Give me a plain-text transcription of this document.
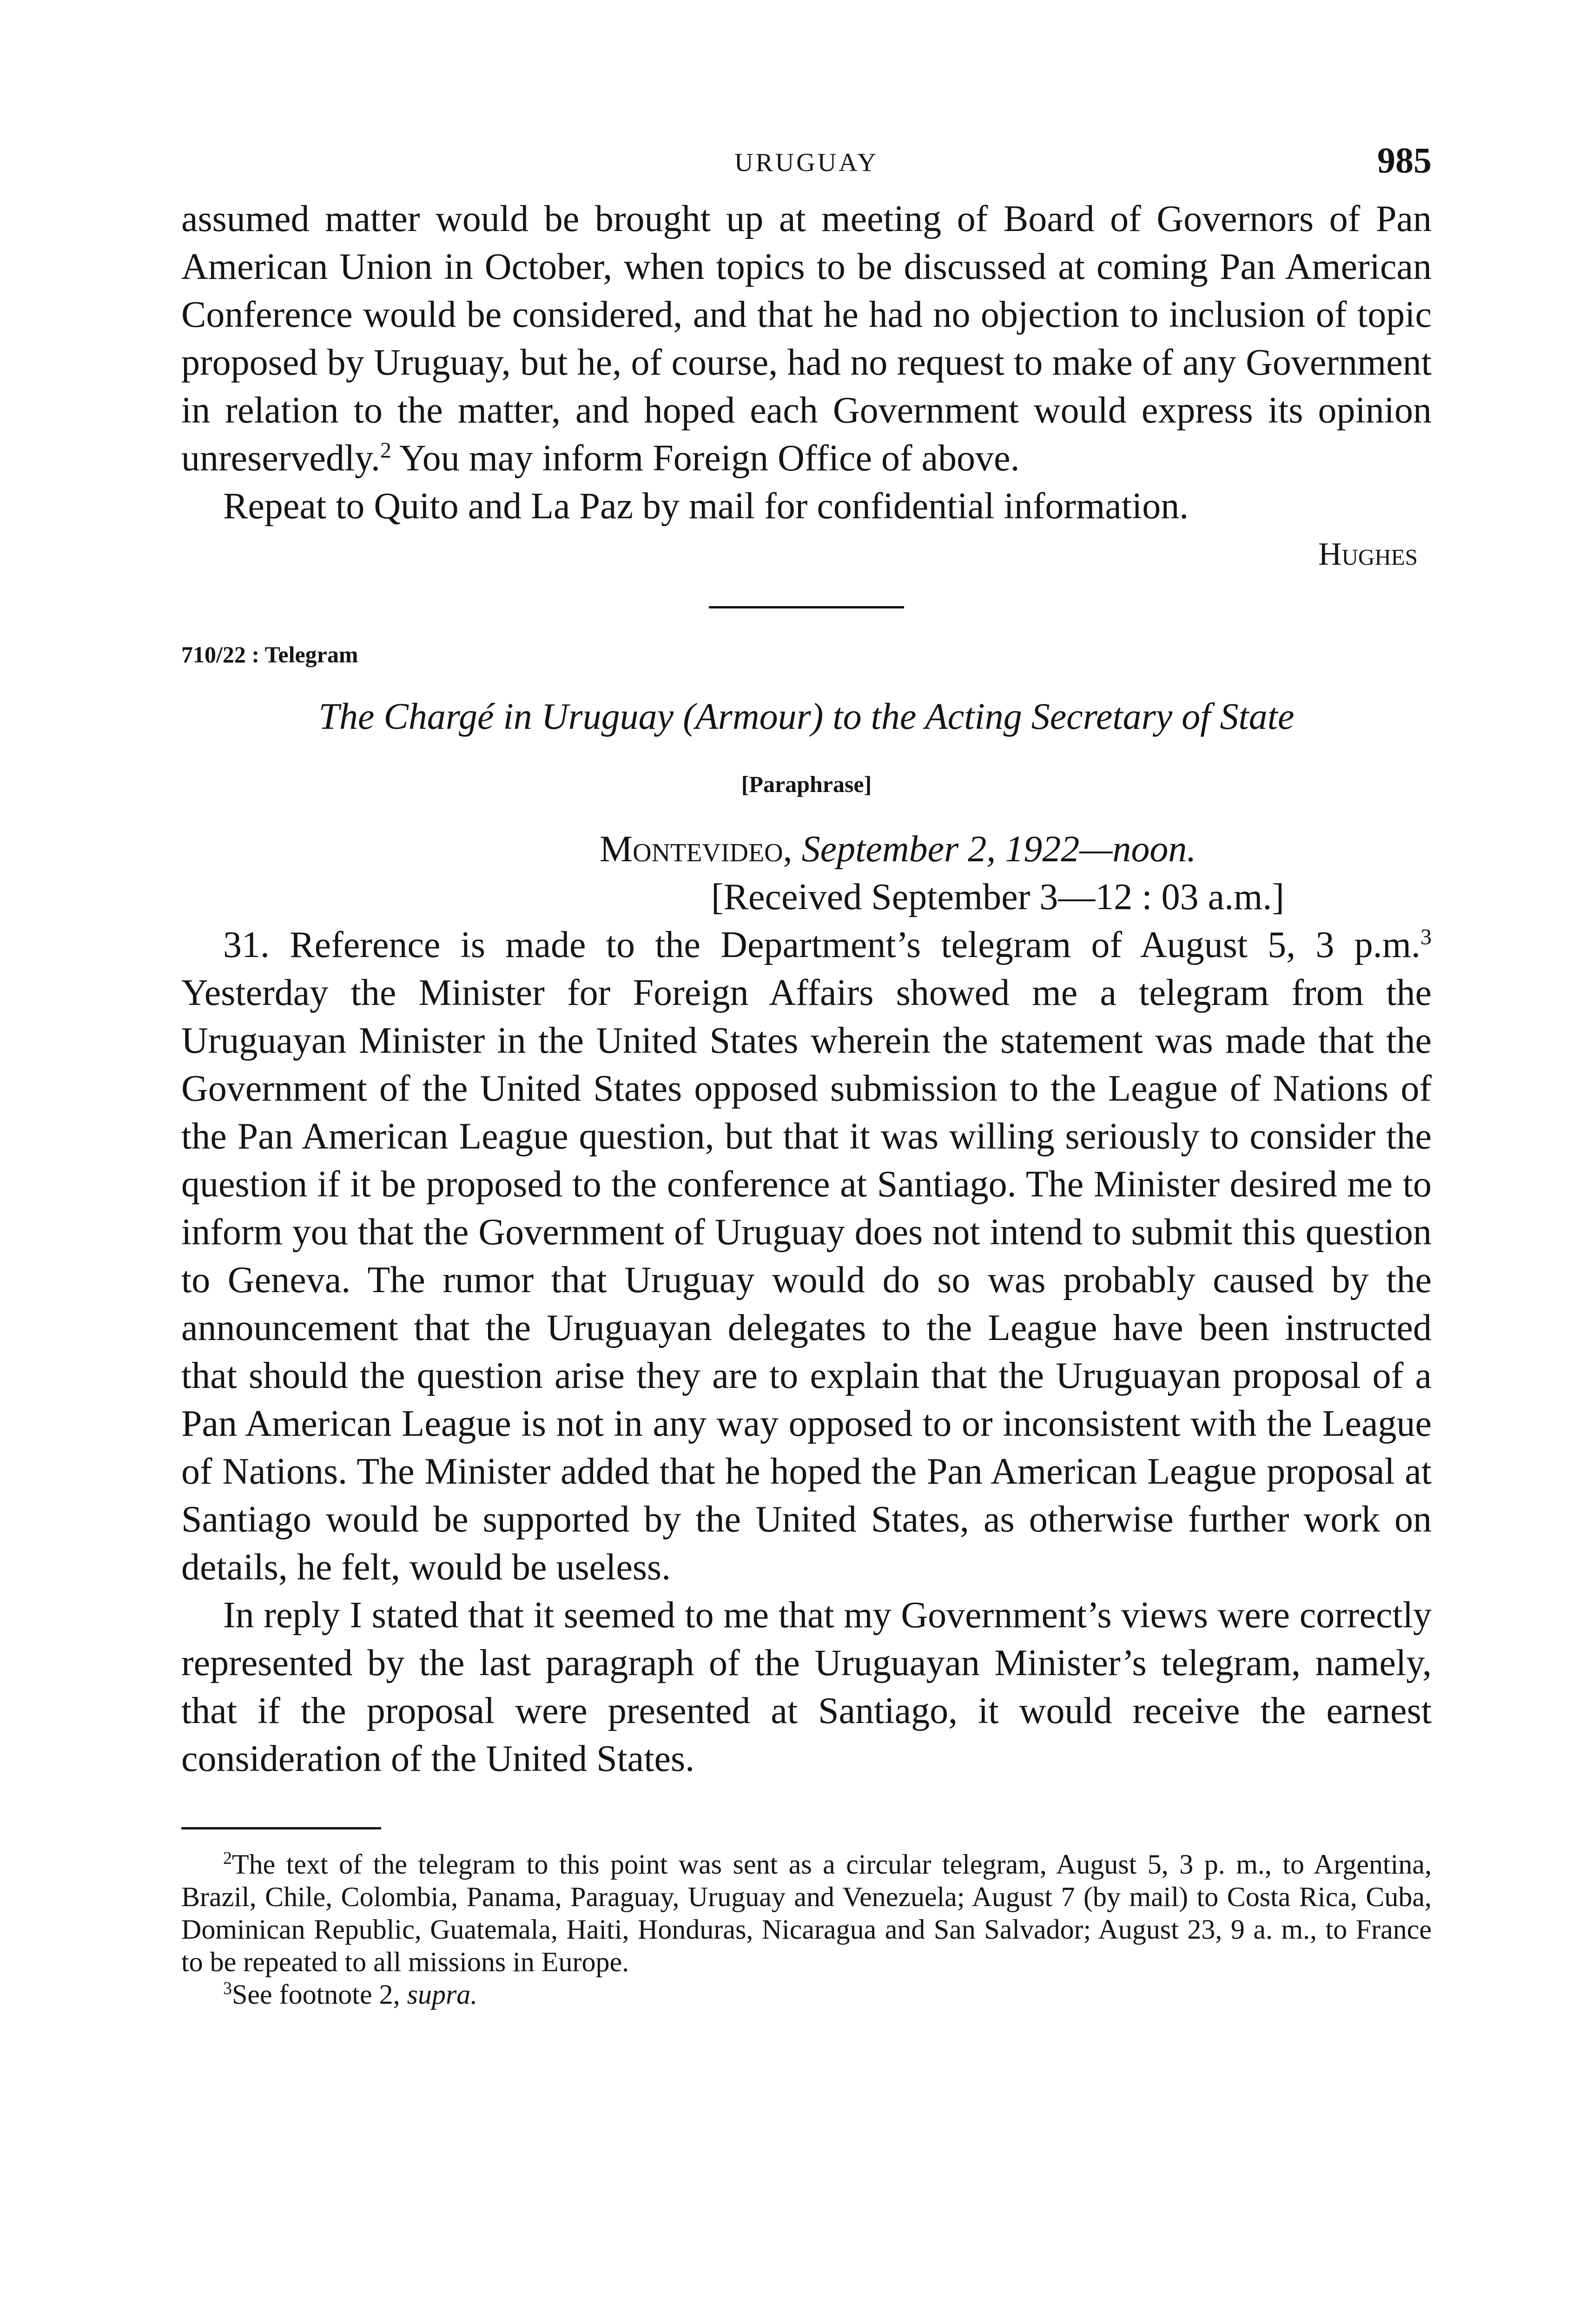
URUGUAY	985

assumed matter would be brought up at meeting of Board of Governors of Pan American Union in October, when topics to be discussed at coming Pan American Conference would be considered, and that he had no objection to inclusion of topic proposed by Uruguay, but he, of course, had no request to make of any Government in relation to the matter, and hoped each Government would express its opinion unreservedly.$^2$ You may inform Foreign Office of above.

Repeat to Quito and La Paz by mail for confidential information.

Hughes
710/22 : Telegram
The Chargé in Uruguay (Armour) to the Acting Secretary of State
[Paraphrase]
Montevideo, September 2, 1922—noon.
[Received September 3—12 : 03 a.m.]

31. Reference is made to the Department’s telegram of August 5, 3 p.m.$^3$ Yesterday the Minister for Foreign Affairs showed me a telegram from the Uruguayan Minister in the United States wherein the statement was made that the Government of the United States opposed submission to the League of Nations of the Pan American League question, but that it was willing seriously to consider the question if it be proposed to the conference at Santiago. The Minister desired me to inform you that the Government of Uruguay does not intend to submit this question to Geneva. The rumor that Uruguay would do so was probably caused by the announcement that the Uruguayan delegates to the League have been instructed that should the question arise they are to explain that the Uruguayan proposal of a Pan American League is not in any way opposed to or inconsistent with the League of Nations. The Minister added that he hoped the Pan American League proposal at Santiago would be supported by the United States, as otherwise further work on details, he felt, would be useless.

In reply I stated that it seemed to me that my Government’s views were correctly represented by the last paragraph of the Uruguayan Minister’s telegram, namely, that if the proposal were presented at Santiago, it would receive the earnest consideration of the United States.

$^2$The text of the telegram to this point was sent as a circular telegram, August 5, 3 p. m., to Argentina, Brazil, Chile, Colombia, Panama, Paraguay, Uruguay and Venezuela; August 7 (by mail) to Costa Rica, Cuba, Dominican Republic, Guatemala, Haiti, Honduras, Nicaragua and San Salvador; August 23, 9 a. m., to France to be repeated to all missions in Europe.

$^3$See footnote 2, supra.
